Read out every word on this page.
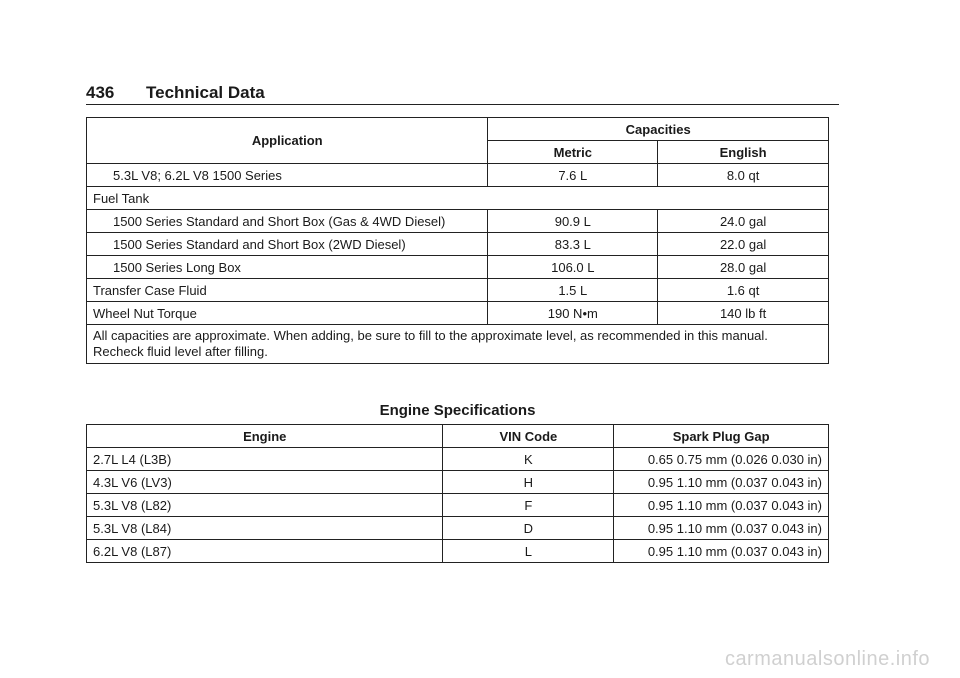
436 Technical Data
Application	Capacities	
	Metric	English
5.3L V8; 6.2L V8 1500 Series	7.6 L	8.0 qt
Fuel Tank		
1500 Series Standard and Short Box (Gas & 4WD Diesel)	90.9 L	24.0 gal
1500 Series Standard and Short Box (2WD Diesel)	83.3 L	22.0 gal
1500 Series Long Box	106.0 L	28.0 gal
Transfer Case Fluid	1.5 L	1.6 qt
Wheel Nut Torque	190 N•m	140 lb ft
All capacities are approximate. When adding, be sure to fill to the approximate level, as recommended in this manual. Recheck fluid level after filling.		
Engine Specifications
Engine	VIN Code	Spark Plug Gap
2.7L L4 (L3B)	K	0.65 0.75 mm (0.026 0.030 in)
4.3L V6 (LV3)	H	0.95 1.10 mm (0.037 0.043 in)
5.3L V8 (L82)	F	0.95 1.10 mm (0.037 0.043 in)
5.3L V8 (L84)	D	0.95 1.10 mm (0.037 0.043 in)
6.2L V8 (L87)	L	0.95 1.10 mm (0.037 0.043 in)
carmanualsonline.info
